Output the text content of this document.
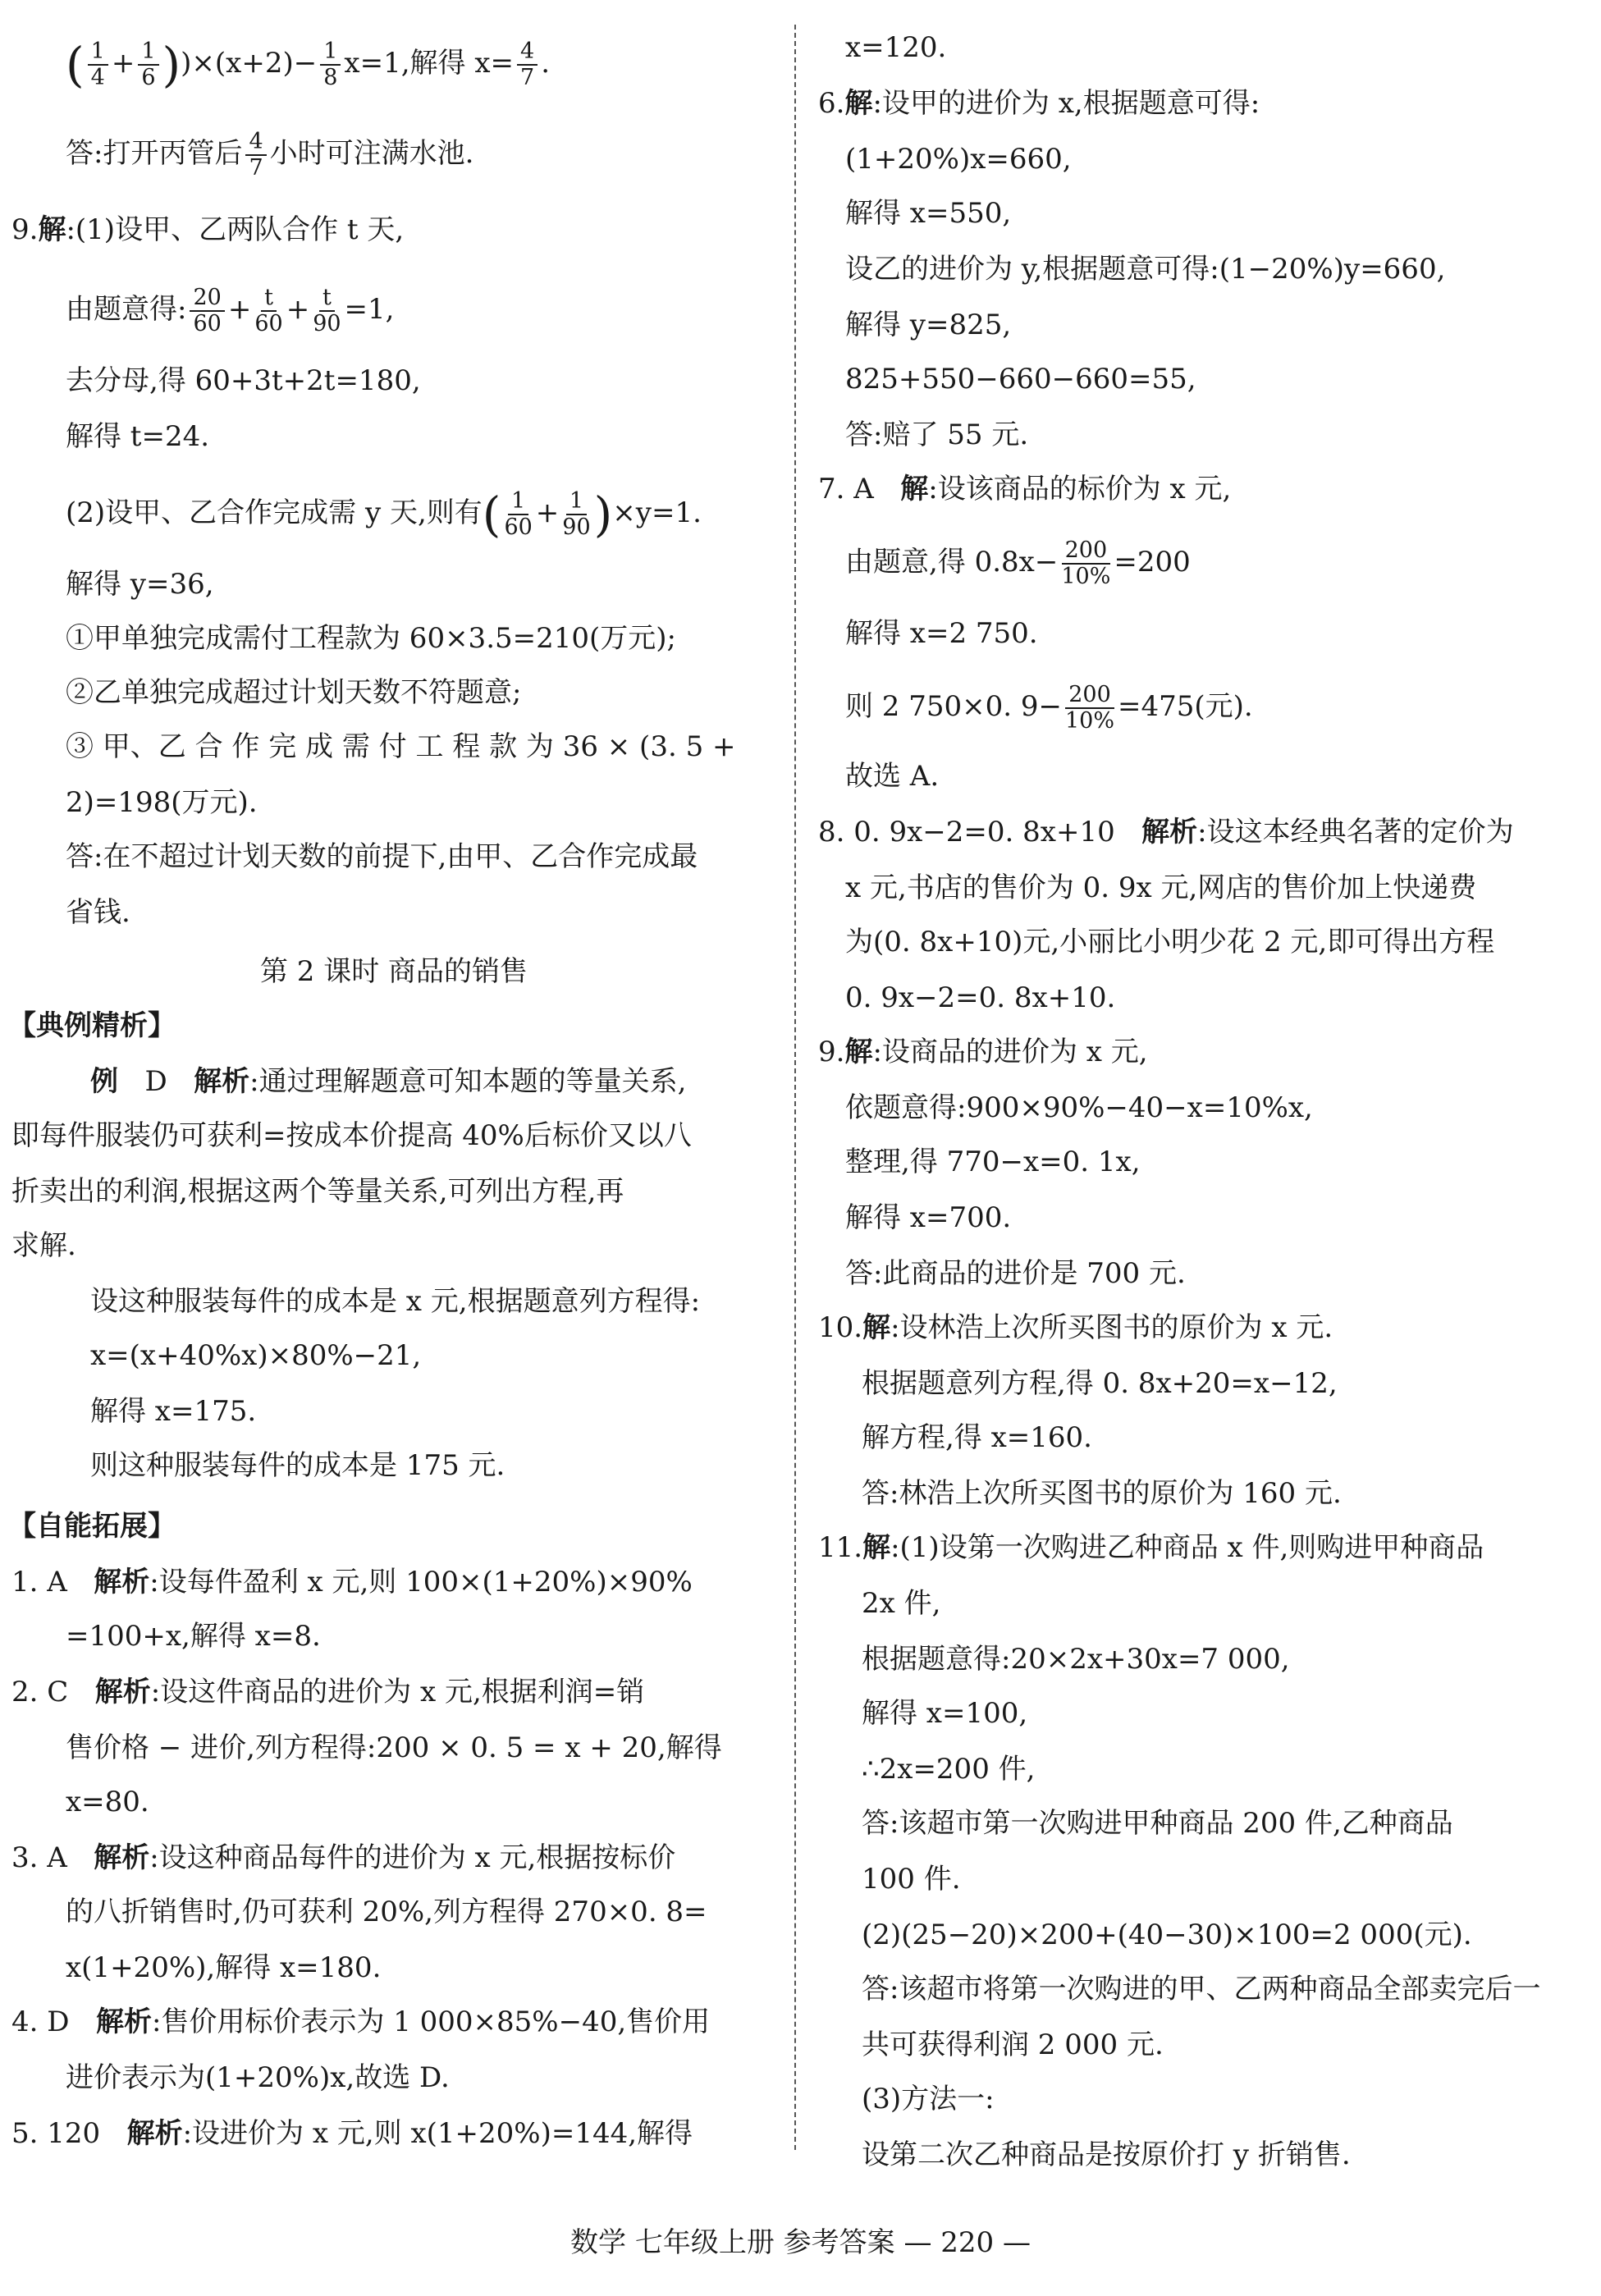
( $\frac{1}{4} + \frac{1}{6} ))\times(x+2)- \frac{1}{8} x=1$,解得 $x= \frac{4}{7}$ .
答:打开丙管后 $\frac{4}{7}$ 小时可注满水池.
9.解:(1)设甲、乙两队合作 t 天,
由题意得: $\frac{20}{60} + \frac{t}{60} + \frac{t}{90} =1$,
去分母,得 60+3t+2t=180,
解得 t=24.
(2)设甲、乙合作完成需 y 天,则有( $\frac{1}{60} + \frac{1}{90} )\times y=1$.
解得 y=36,
①甲单独完成需付工程款为 60×3.5=210(万元);
②乙单独完成超过计划天数不符题意;
③ 甲、乙 合 作 完 成 需 付 工 程 款 为 36 × (3. 5 +
2)=198(万元).
答:在不超过计划天数的前提下,由甲、乙合作完成最
省钱.
第 2 课时 商品的销售
【典例精析】
例 D 解析:通过理解题意可知本题的等量关系,
即每件服装仍可获利=按成本价提高 40%后标价又以八
折卖出的利润,根据这两个等量关系,可列出方程,再
求解.
设这种服装每件的成本是 x 元,根据题意列方程得:
x=(x+40%x)×80%−21,
解得 x=175.
则这种服装每件的成本是 175 元.
【自能拓展】
1. A 解析:设每件盈利 x 元,则 100×(1+20%)×90%
=100+x,解得 x=8.
2. C 解析:设这件商品的进价为 x 元,根据利润=销
售价格 − 进价,列方程得:200 × 0. 5 = x + 20,解得
x=80.
3. A 解析:设这种商品每件的进价为 x 元,根据按标价
的八折销售时,仍可获利 20%,列方程得 270×0. 8=
x(1+20%),解得 x=180.
4. D 解析:售价用标价表示为 1 000×85%−40,售价用
进价表示为(1+20%)x,故选 D.
5. 120 解析:设进价为 x 元,则 x(1+20%)=144,解得
x=120.
6.解:设甲的进价为 x,根据题意可得:
(1+20%)x=660,
解得 x=550,
设乙的进价为 y,根据题意可得:(1−20%)y=660,
解得 y=825,
825+550−660−660=55,
答:赔了 55 元.
7. A 解:设该商品的标价为 x 元,
由题意,得 $0.8x- \frac{200}{10\%} =200$
解得 x=2 750.
则 2 750×0. $9- \frac{200}{10\%} =475$(元).
故选 A.
8. 0. 9x−2=0. 8x+10 解析:设这本经典名著的定价为
x 元,书店的售价为 0. 9x 元,网店的售价加上快递费
为(0. 8x+10)元,小丽比小明少花 2 元,即可得出方程
0. 9x−2=0. 8x+10.
9.解:设商品的进价为 x 元,
依题意得:900×90%−40−x=10%x,
整理,得 770−x=0. 1x,
解得 x=700.
答:此商品的进价是 700 元.
10.解:设林浩上次所买图书的原价为 x 元.
根据题意列方程,得 0. 8x+20=x−12,
解方程,得 x=160.
答:林浩上次所买图书的原价为 160 元.
11.解:(1)设第一次购进乙种商品 x 件,则购进甲种商品
2x 件,
根据题意得:20×2x+30x=7 000,
解得 x=100,
∴2x=200 件,
答:该超市第一次购进甲种商品 200 件,乙种商品
100 件.
(2)(25−20)×200+(40−30)×100=2 000(元).
答:该超市将第一次购进的甲、乙两种商品全部卖完后一
共可获得利润 2 000 元.
(3)方法一:
设第二次乙种商品是按原价打 y 折销售.
数学 七年级上册 参考答案 — 220 —
